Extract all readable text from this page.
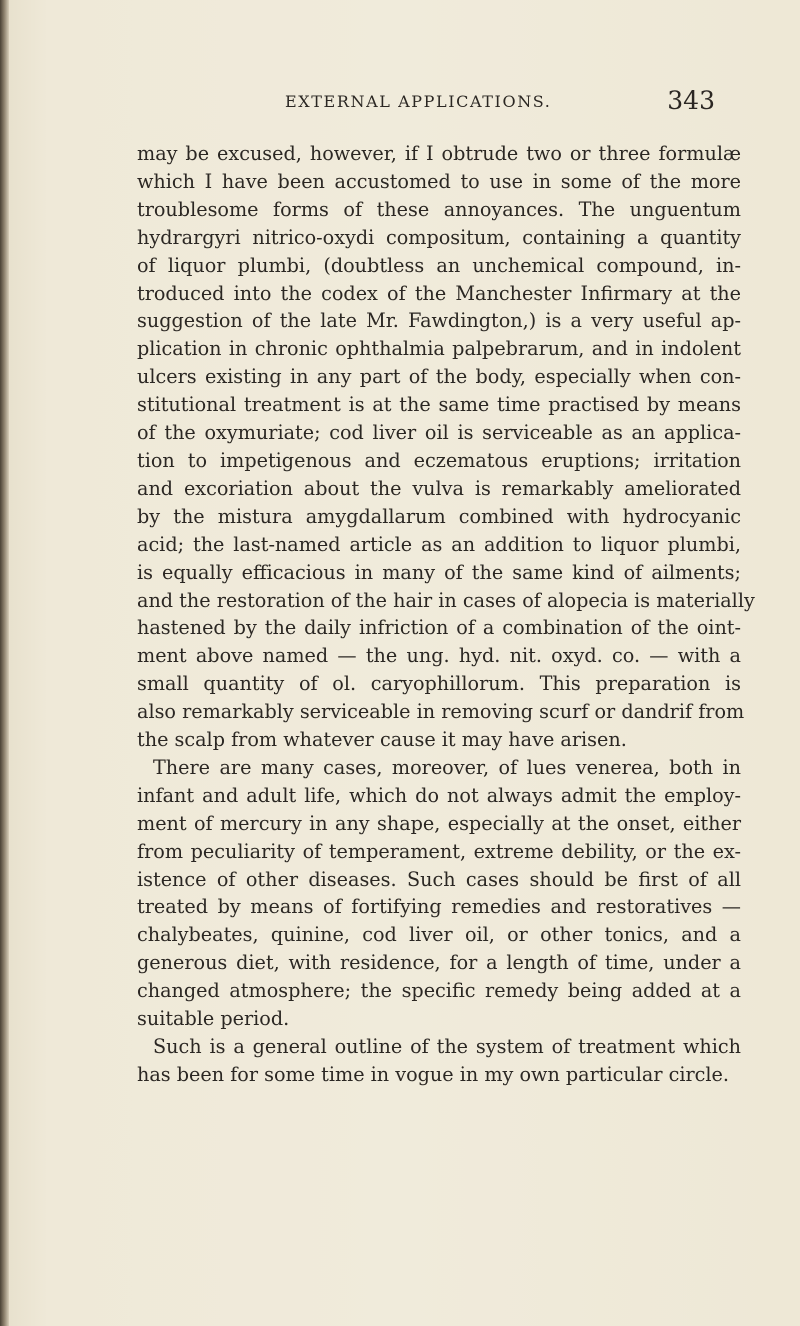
EXTERNAL APPLICATIONS.	343
may be excused, however, if I obtrude two or three formulæ
which I have been accustomed to use in some of the more
troublesome forms of these annoyances. The unguentum
hydrargyri nitrico-oxydi compositum, containing a quantity
of liquor plumbi, (doubtless an unchemical compound, in-
troduced into the codex of the Manchester Infirmary at the
suggestion of the late Mr. Fawdington,) is a very useful ap-
plication in chronic ophthalmia palpebrarum, and in indolent
ulcers existing in any part of the body, especially when con-
stitutional treatment is at the same time practised by means
of the oxymuriate; cod liver oil is serviceable as an applica-
tion to impetigenous and eczematous eruptions; irritation
and excoriation about the vulva is remarkably ameliorated
by the mistura amygdallarum combined with hydrocyanic
acid; the last-named article as an addition to liquor plumbi,
is equally efficacious in many of the same kind of ailments;
and the restoration of the hair in cases of alopecia is materially
hastened by the daily infriction of a combination of the oint-
ment above named — the ung. hyd. nit. oxyd. co. — with a
small quantity of ol. caryophillorum. This preparation is
also remarkably serviceable in removing scurf or dandrif from
the scalp from whatever cause it may have arisen.
There are many cases, moreover, of lues venerea, both in
infant and adult life, which do not always admit the employ-
ment of mercury in any shape, especially at the onset, either
from peculiarity of temperament, extreme debility, or the ex-
istence of other diseases. Such cases should be first of all
treated by means of fortifying remedies and restoratives —
chalybeates, quinine, cod liver oil, or other tonics, and a
generous diet, with residence, for a length of time, under a
changed atmosphere; the specific remedy being added at a
suitable period.
Such is a general outline of the system of treatment which
has been for some time in vogue in my own particular circle.
